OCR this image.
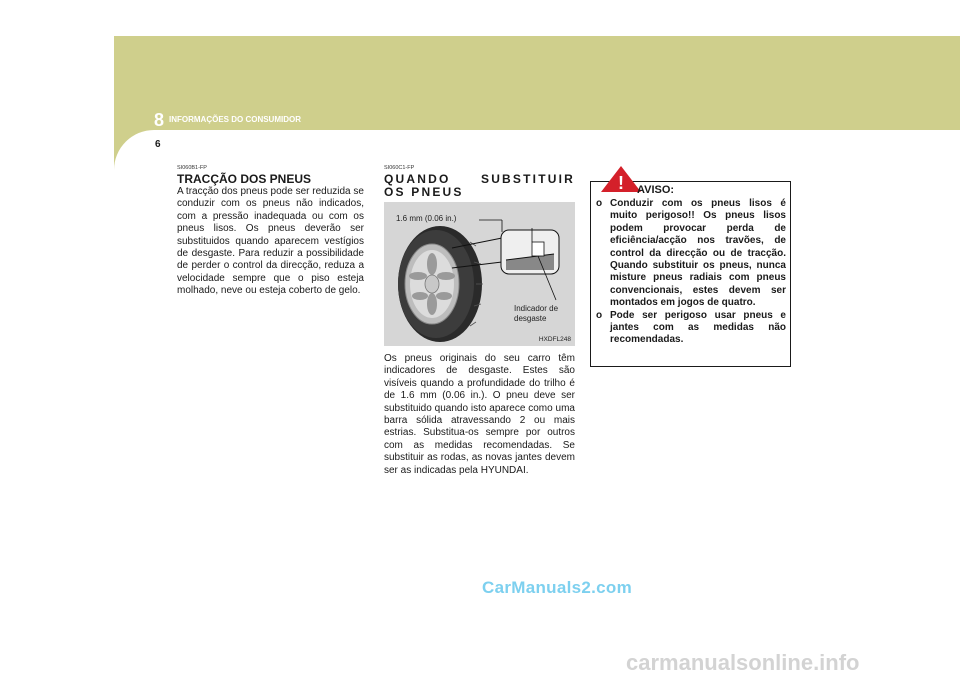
8 INFORMAÇÕES DO CONSUMIDOR
6
SI060B1-FP
TRACÇÃO DOS PNEUS

A tracção dos pneus pode ser reduzida se conduzir com os pneus não indicados, com a pressão inadequada ou com os pneus lisos. Os pneus deverão ser substituidos quando aparecem vestígios de desgaste. Para reduzir a possibilidade de perder o control da direcção, reduza a velocidade sempre que o piso esteja molhado, neve ou esteja coberto de gelo.

SI060C1-FP
QUANDO SUBSTITUIR OS PNEUS

Os pneus originais do seu carro têm indicadores de desgaste. Estes são visíveis quando a profundidade do trilho é de 1.6 mm (0.06 in.). O pneu deve ser substituido quando isto aparece como uma barra sólida atravessando 2 ou mais estrias. Substitua-os sempre por outros com as medidas recomendadas. Se substituir as rodas, as novas jantes devem ser as indicadas pela HYUNDAI.

1.6 mm (0.06 in.)
Indicador de
desgaste
HXDFL248
! AVISO:
o Conduzir com os pneus lisos é muito perigoso!! Os pneus lisos podem provocar perda de eficiência/acção nos travões, de control da direcção ou de tracção. Quando substituir os pneus, nunca misture pneus radiais com pneus convencionais, estes devem ser montados em jogos de quatro.
o Pode ser perigoso usar pneus e jantes com as medidas não recomendadas.
CarManuals2.com
carmanualsonline.info
